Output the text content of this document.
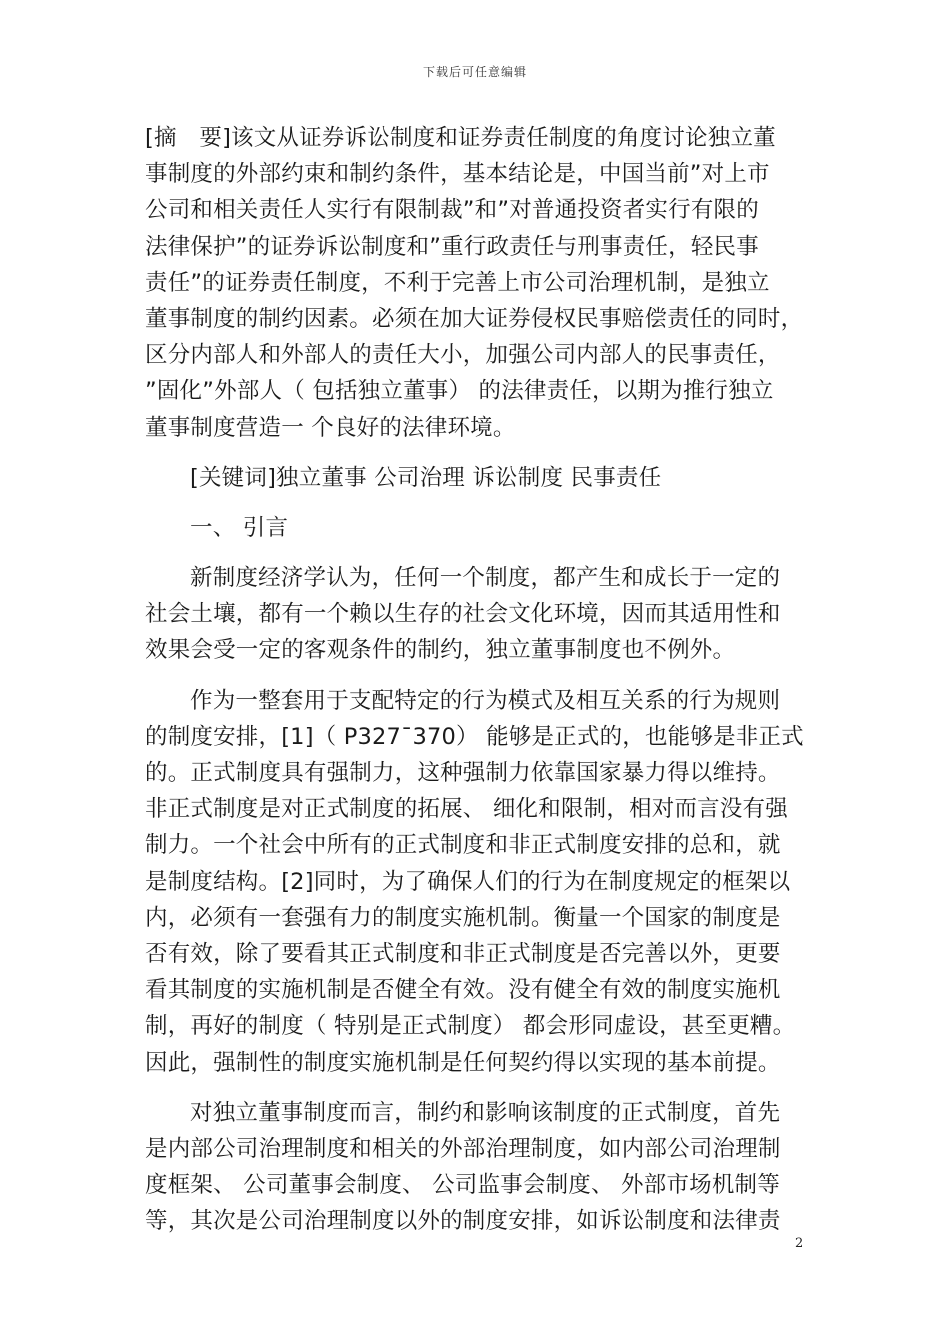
下载后可任意编辑
[摘　要]该文从证券诉讼制度和证券责任制度的角度讨论独立董
事制度的外部约束和制约条件，基本结论是，中国当前”对上市
公司和相关责任人实行有限制裁”和”对普通投资者实行有限的
法律保护”的证券诉讼制度和”重行政责任与刑事责任，轻民事
责任”的证券责任制度，不利于完善上市公司治理机制，是独立
董事制度的制约因素。必须在加大证券侵权民事赔偿责任的同时，
区分内部人和外部人的责任大小，加强公司内部人的民事责任，
”固化”外部人（ 包括独立董事） 的法律责任，以期为推行独立
董事制度营造一 个良好的法律环境。
[关键词]独立董事 公司治理 诉讼制度 民事责任
一、 引言
新制度经济学认为，任何一个制度，都产生和成长于一定的
社会土壤，都有一个赖以生存的社会文化环境，因而其适用性和
效果会受一定的客观条件的制约，独立董事制度也不例外。
作为一整套用于支配特定的行为模式及相互关系的行为规则
的制度安排，[1]（ P327¯370） 能够是正式的，也能够是非正式
的。正式制度具有强制力，这种强制力依靠国家暴力得以维持。
非正式制度是对正式制度的拓展、 细化和限制，相对而言没有强
制力。一个社会中所有的正式制度和非正式制度安排的总和，就
是制度结构。[2]同时，为了确保人们的行为在制度规定的框架以
内，必须有一套强有力的制度实施机制。衡量一个国家的制度是
否有效，除了要看其正式制度和非正式制度是否完善以外，更要
看其制度的实施机制是否健全有效。没有健全有效的制度实施机
制，再好的制度（ 特别是正式制度） 都会形同虚设，甚至更糟。
因此，强制性的制度实施机制是任何契约得以实现的基本前提。
对独立董事制度而言，制约和影响该制度的正式制度，首先
是内部公司治理制度和相关的外部治理制度，如内部公司治理制
度框架、 公司董事会制度、 公司监事会制度、 外部市场机制等
等，其次是公司治理制度以外的制度安排，如诉讼制度和法律责
2
